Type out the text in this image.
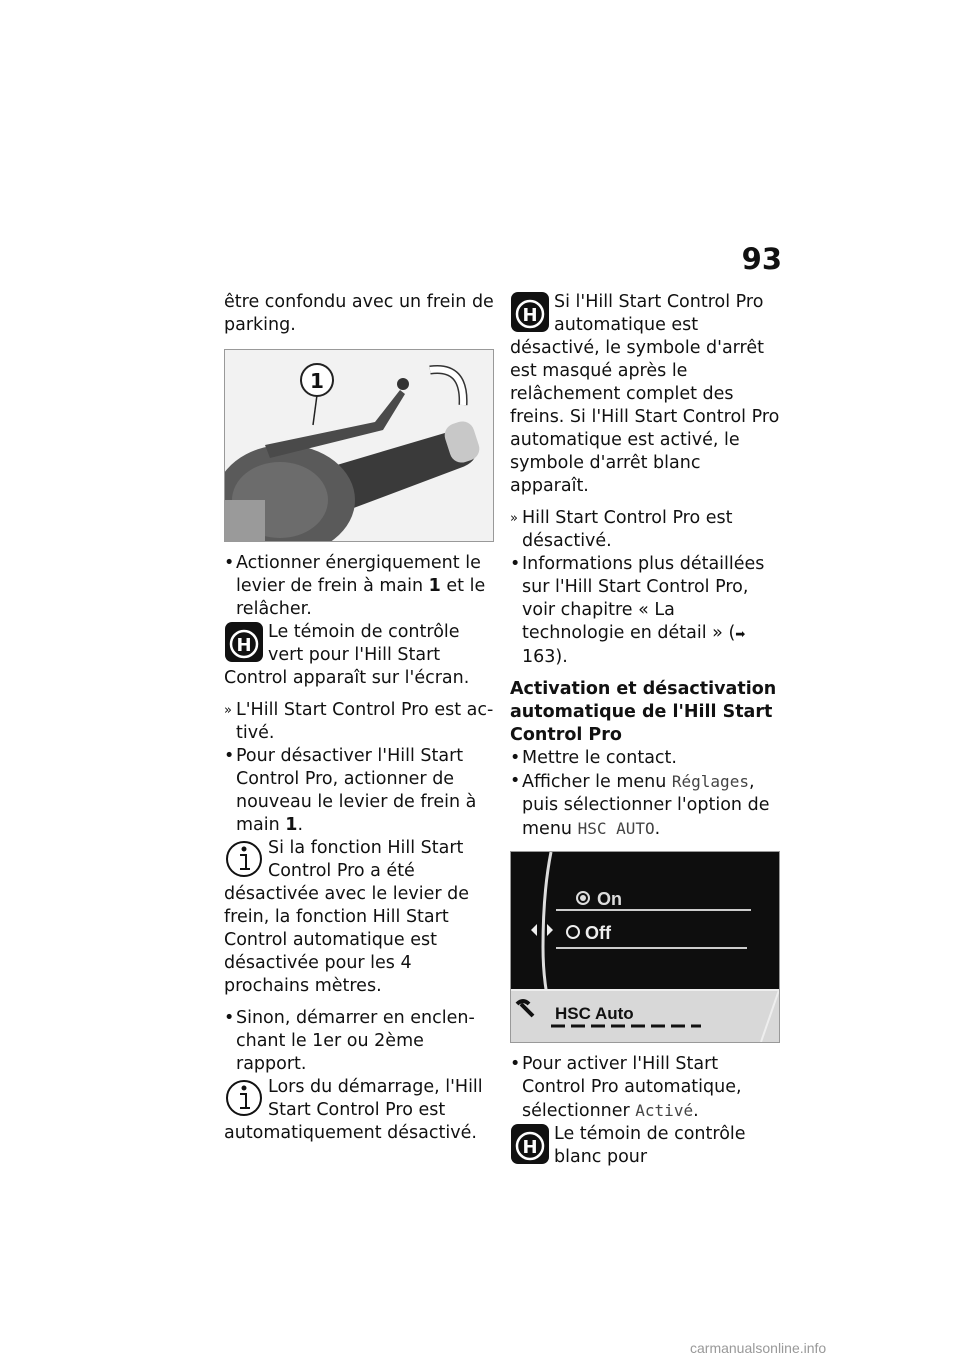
93

être confondu avec un frein de parking.

1

• Actionner énergiquement le levier de frein à main 1 et le relâcher.

H
Le témoin de contrôle vert pour l'Hill Start Control apparaît sur l'écran.

» L'Hill Start Control Pro est ac-tivé.

• Pour désactiver l'Hill Start Control Pro, actionner de nouveau le levier de frein à main 1.

Si la fonction Hill Start Control Pro a été désactivée avec le levier de frein, la fonction Hill Start Control automatique est désactivée pour les 4 prochains mètres.

• Sinon, démarrer en enclen-chant le 1er ou 2ème rapport.

Lors du démarrage, l'Hill Start Control Pro est automatiquement désactivé.
H
Si l'Hill Start Control Pro automatique est désactivé, le symbole d'arrêt est masqué après le relâchement complet des freins. Si l'Hill Start Control Pro automatique est activé, le symbole d'arrêt blanc apparaît.

» Hill Start Control Pro est désactivé.

• Informations plus détaillées sur l'Hill Start Control Pro, voir chapitre « La technologie en détail » (➡ 163).

Activation et désactivation automatique de l'Hill Start Control Pro

• Mettre le contact.

• Afficher le menu Réglages, puis sélectionner l'option de menu HSC AUTO.

On
Off
HSC Auto

• Pour activer l'Hill Start Control Pro automatique, sélectionner Activé.

H
Le témoin de contrôle blanc pour
carmanualsonline.info
